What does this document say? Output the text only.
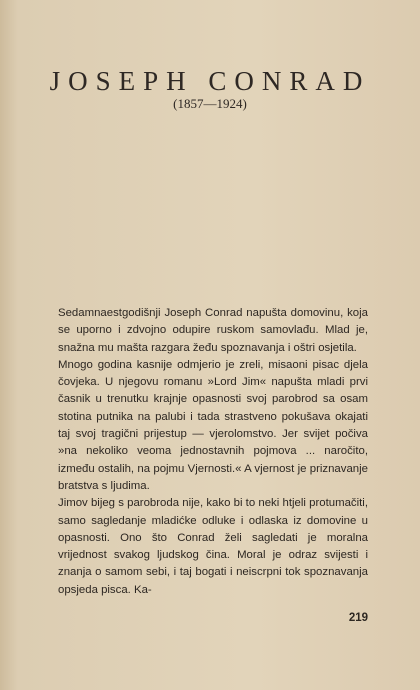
JOSEPH CONRAD
(1857—1924)

Sedamnaestgodišnji Joseph Conrad napušta domovinu, koja se uporno i zdvojno odupire ruskom samovlađu. Mlad je, snažna mu mašta razgara žeđu spoznavanja i oštri osjetila.

Mnogo godina kasnije odmjerio je zreli, misaoni pisac djela čovjeka. U njegovu romanu »Lord Jim« napušta mladi prvi časnik u trenutku krajnje opasnosti svoj parobrod sa osam stotina putnika na palubi i tada strastveno pokušava okajati taj svoj tragični prijestup — vjerolomstvo. Jer svijet počiva »na nekoliko veoma jednostavnih pojmova ... naročito, između ostalih, na pojmu Vjernosti.« A vjernost je priznavanje bratstva s ljudima.

Jimov bijeg s parobroda nije, kako bi to neki htjeli protumačiti, samo sagledanje mladićke odluke i odlaska iz domovine u opasnosti. Ono što Conrad želi sagledati je moralna vrijednost svakog ljudskog čina. Moral je odraz svijesti i znanja o samom sebi, i taj bogati i neiscrpni tok spoznavanja opsjeda pisca. Ka-

219
